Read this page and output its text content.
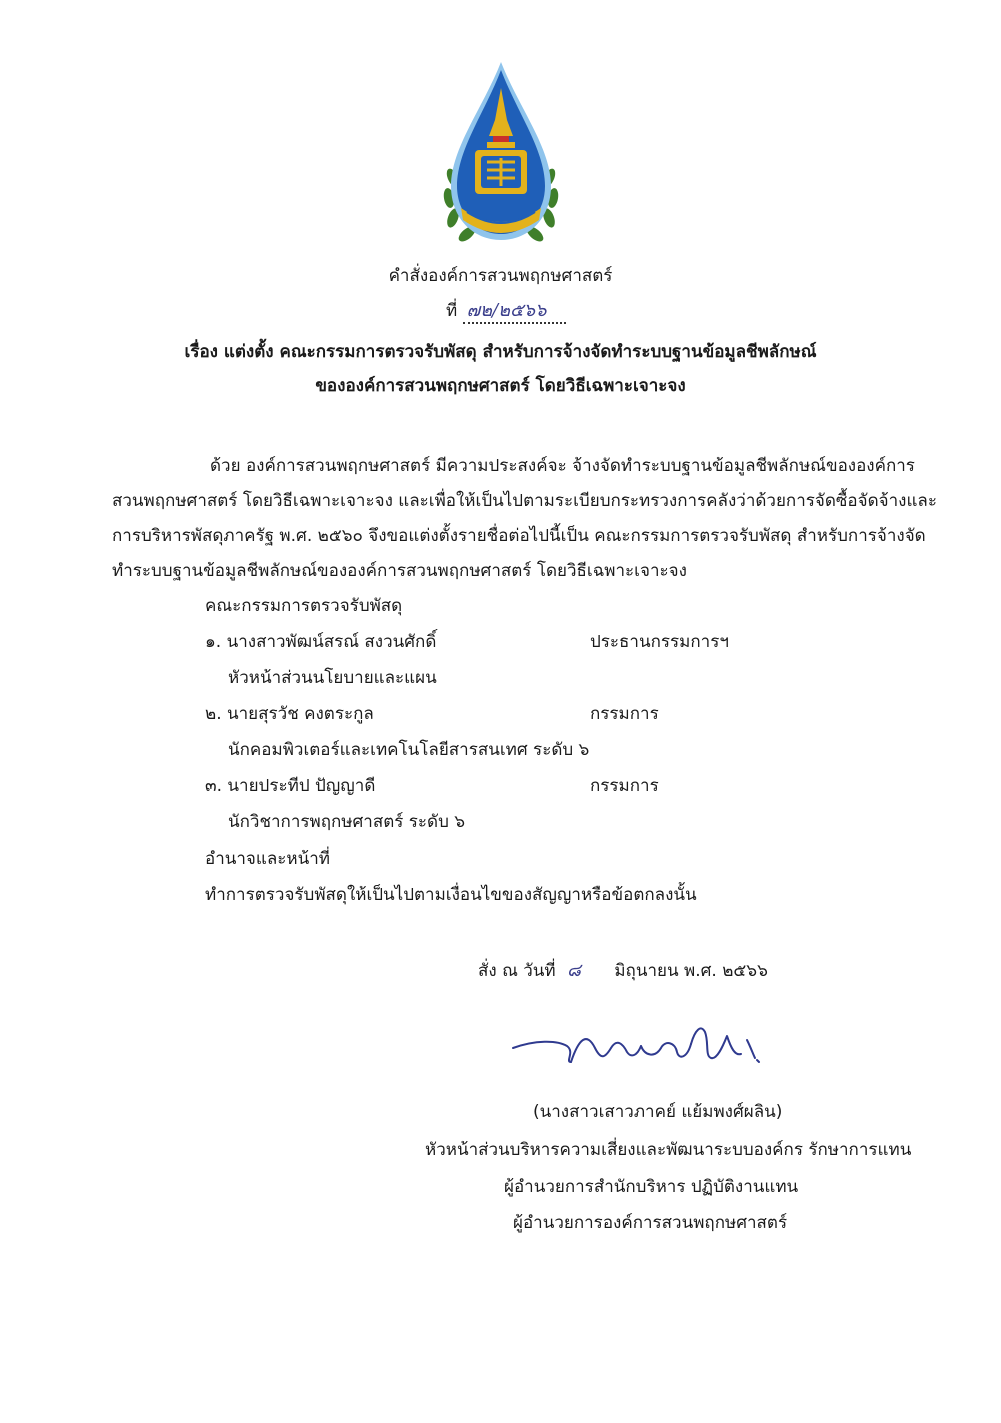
คำสั่งองค์การสวนพฤกษศาสตร์
ที่ ๗๒/๒๕๖๖
เรื่อง แต่งตั้ง คณะกรรมการตรวจรับพัสดุ สำหรับการจ้างจัดทำระบบฐานข้อมูลชีพลักษณ์
ขององค์การสวนพฤกษศาสตร์ โดยวิธีเฉพาะเจาะจง
ด้วย องค์การสวนพฤกษศาสตร์ มีความประสงค์จะ จ้างจัดทำระบบฐานข้อมูลชีพลักษณ์ขององค์การ
สวนพฤกษศาสตร์ โดยวิธีเฉพาะเจาะจง และเพื่อให้เป็นไปตามระเบียบกระทรวงการคลังว่าด้วยการจัดซื้อจัดจ้างและ
การบริหารพัสดุภาครัฐ พ.ศ. ๒๕๖๐ จึงขอแต่งตั้งรายชื่อต่อไปนี้เป็น คณะกรรมการตรวจรับพัสดุ สำหรับการจ้างจัด
ทำระบบฐานข้อมูลชีพลักษณ์ขององค์การสวนพฤกษศาสตร์ โดยวิธีเฉพาะเจาะจง
คณะกรรมการตรวจรับพัสดุ
๑. นางสาวพัฒน์สรณ์ สงวนศักดิ์	ประธานกรรมการฯ
หัวหน้าส่วนนโยบายและแผน
๒. นายสุรวัช คงตระกูล	กรรมการ
นักคอมพิวเตอร์และเทคโนโลยีสารสนเทศ ระดับ ๖
๓. นายประทีป ปัญญาดี	กรรมการ
นักวิชาการพฤกษศาสตร์ ระดับ ๖
อำนาจและหน้าที่
ทำการตรวจรับพัสดุให้เป็นไปตามเงื่อนไขของสัญญาหรือข้อตกลงนั้น
สั่ง ณ วันที่ ๘ มิถุนายน พ.ศ. ๒๕๖๖
(นางสาวเสาวภาคย์ แย้มพงศ์ผลิน)
หัวหน้าส่วนบริหารความเสี่ยงและพัฒนาระบบองค์กร รักษาการแทน
ผู้อำนวยการสำนักบริหาร ปฏิบัติงานแทน
ผู้อำนวยการองค์การสวนพฤกษศาสตร์
